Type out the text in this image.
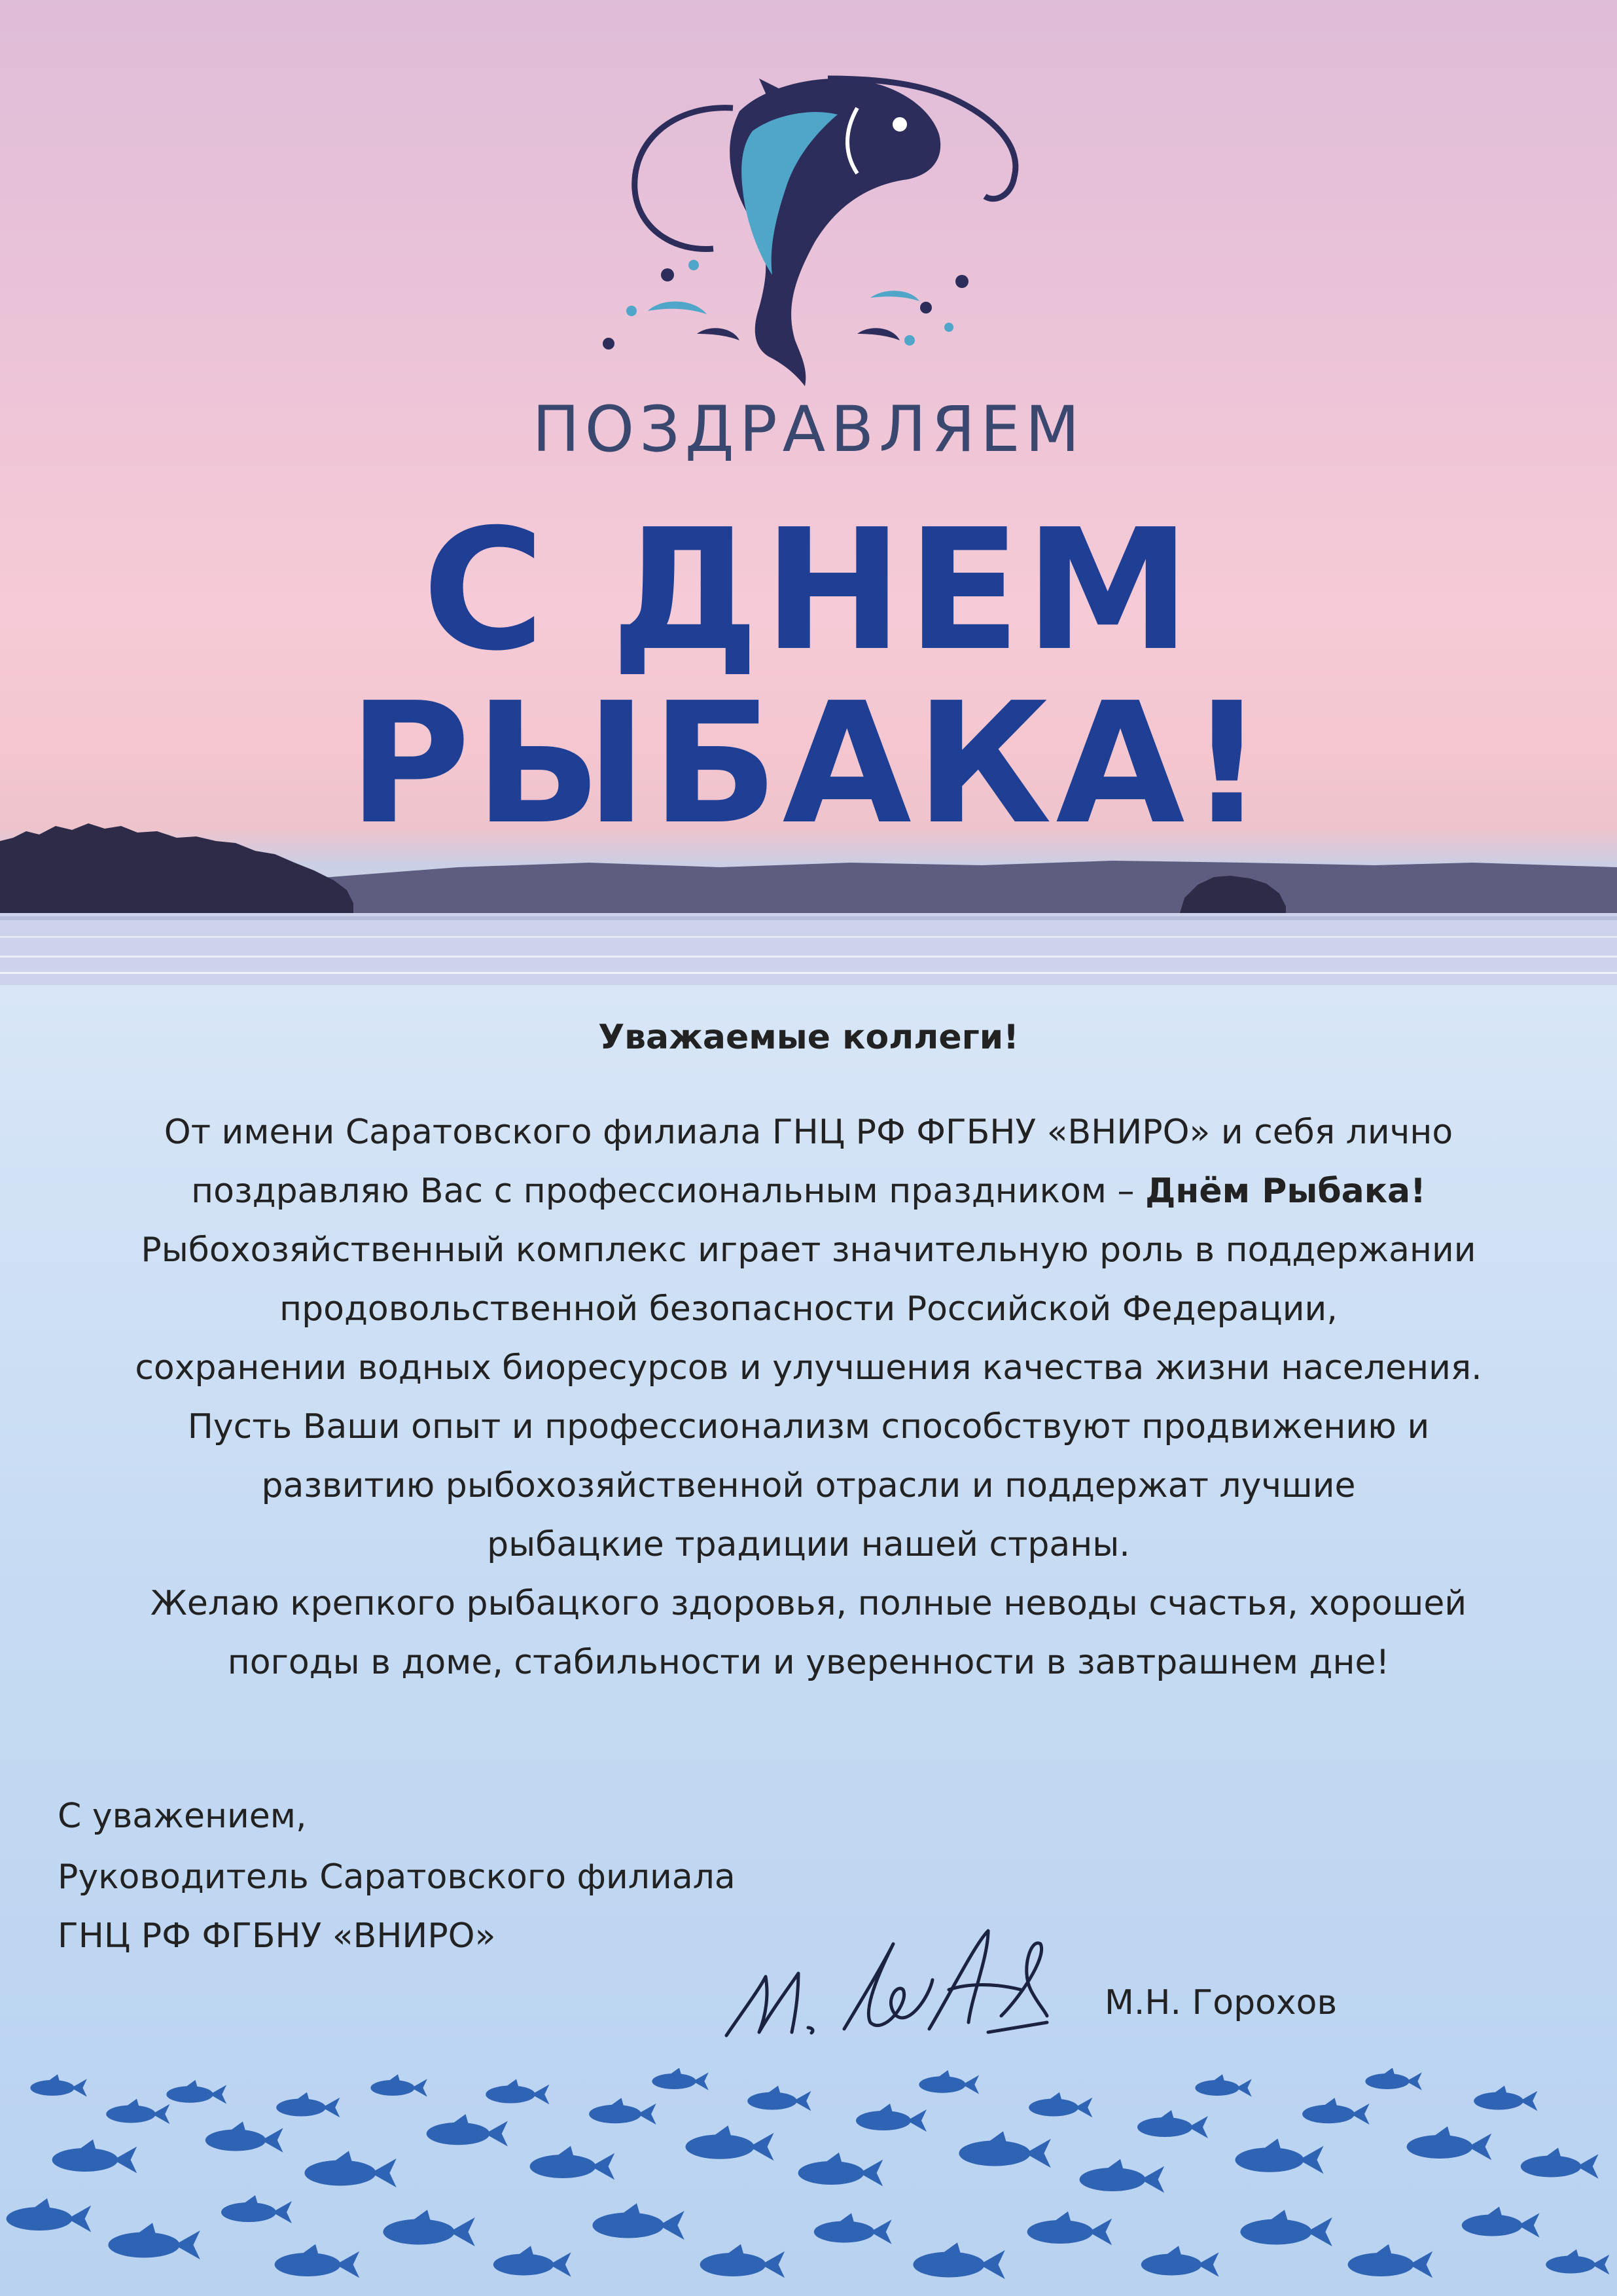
ПОЗДРАВЛЯЕМ
С ДНЕМ
РЫБАКА!
Уважаемые коллеги!
От имени Саратовского филиала ГНЦ РФ ФГБНУ «ВНИРО» и себя лично
поздравляю Вас с профессиональным праздником – Днём Рыбака!
Рыбохозяйственный комплекс играет значительную роль в поддержании
продовольственной безопасности Российской Федерации,
сохранении водных биоресурсов и улучшения качества жизни населения.
Пусть Ваши опыт и профессионализм способствуют продвижению и
развитию рыбохозяйственной отрасли и поддержат лучшие
рыбацкие традиции нашей страны.
Желаю крепкого рыбацкого здоровья, полные неводы счастья, хорошей
погоды в доме, стабильности и уверенности в завтрашнем дне!
С уважением,
Руководитель Саратовского филиала
ГНЦ РФ ФГБНУ «ВНИРО»
М.Н. Горохов
